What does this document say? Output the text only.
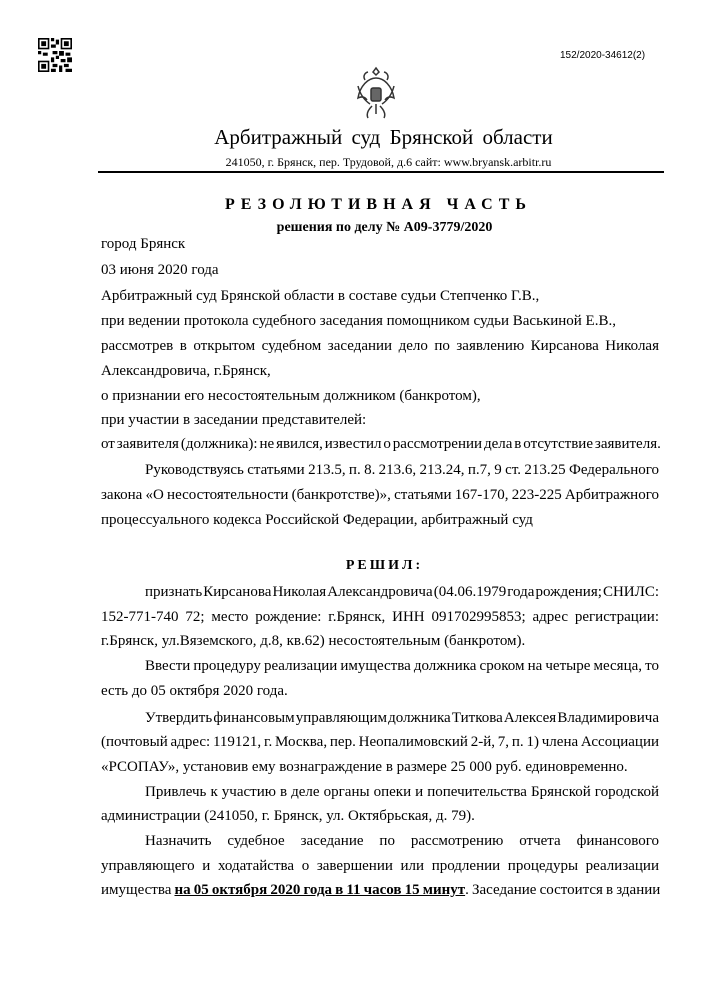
152/2020-34612(2)
Арбитражный суд Брянской области
241050, г. Брянск, пер. Трудовой, д.6 сайт: www.bryansk.arbitr.ru
РЕЗОЛЮТИВНАЯ ЧАСТЬ
решения по делу № А09-3779/2020
город Брянск
03 июня 2020 года
Арбитражный суд Брянской области в составе судьи Степченко Г.В.,
при ведении протокола судебного заседания помощником судьи Васькиной Е.В.,
рассмотрев в открытом судебном заседании дело по заявлению Кирсанова Николая
Александровича, г.Брянск,
о признании его несостоятельным должником (банкротом),
при участии в заседании представителей:
от заявителя (должника): не явился, известил о рассмотрении дела в отсутствие заявителя.
Руководствуясь статьями 213.5, п. 8. 213.6, 213.24, п.7, 9 ст. 213.25 Федерального
закона «О несостоятельности (банкротстве)», статьями 167-170, 223-225 Арбитражного
процессуального кодекса Российской Федерации, арбитражный суд
РЕШИЛ:
признать Кирсанова Николая Александровича (04.06.1979 года рождения; СНИЛС:
152-771-740 72; место рождение: г.Брянск, ИНН 091702995853; адрес регистрации:
г.Брянск, ул.Вяземского, д.8, кв.62) несостоятельным (банкротом).
Ввести процедуру реализации имущества должника сроком на четыре месяца, то
есть до 05 октября 2020 года.
Утвердить финансовым управляющим должника Титкова Алексея Владимировича
(почтовый адрес: 119121, г. Москва, пер. Неопалимовский 2-й, 7, п. 1) члена Ассоциации
«РСОПАУ», установив ему вознаграждение в размере 25 000 руб. единовременно.
Привлечь к участию в деле органы опеки и попечительства Брянской городской
администрации (241050, г. Брянск, ул. Октябрьская, д. 79).
Назначить судебное заседание по рассмотрению отчета финансового
управляющего и ходатайства о завершении или продлении процедуры реализации
имущества на 05 октября 2020 года в 11 часов 15 минут. Заседание состоится в здании
